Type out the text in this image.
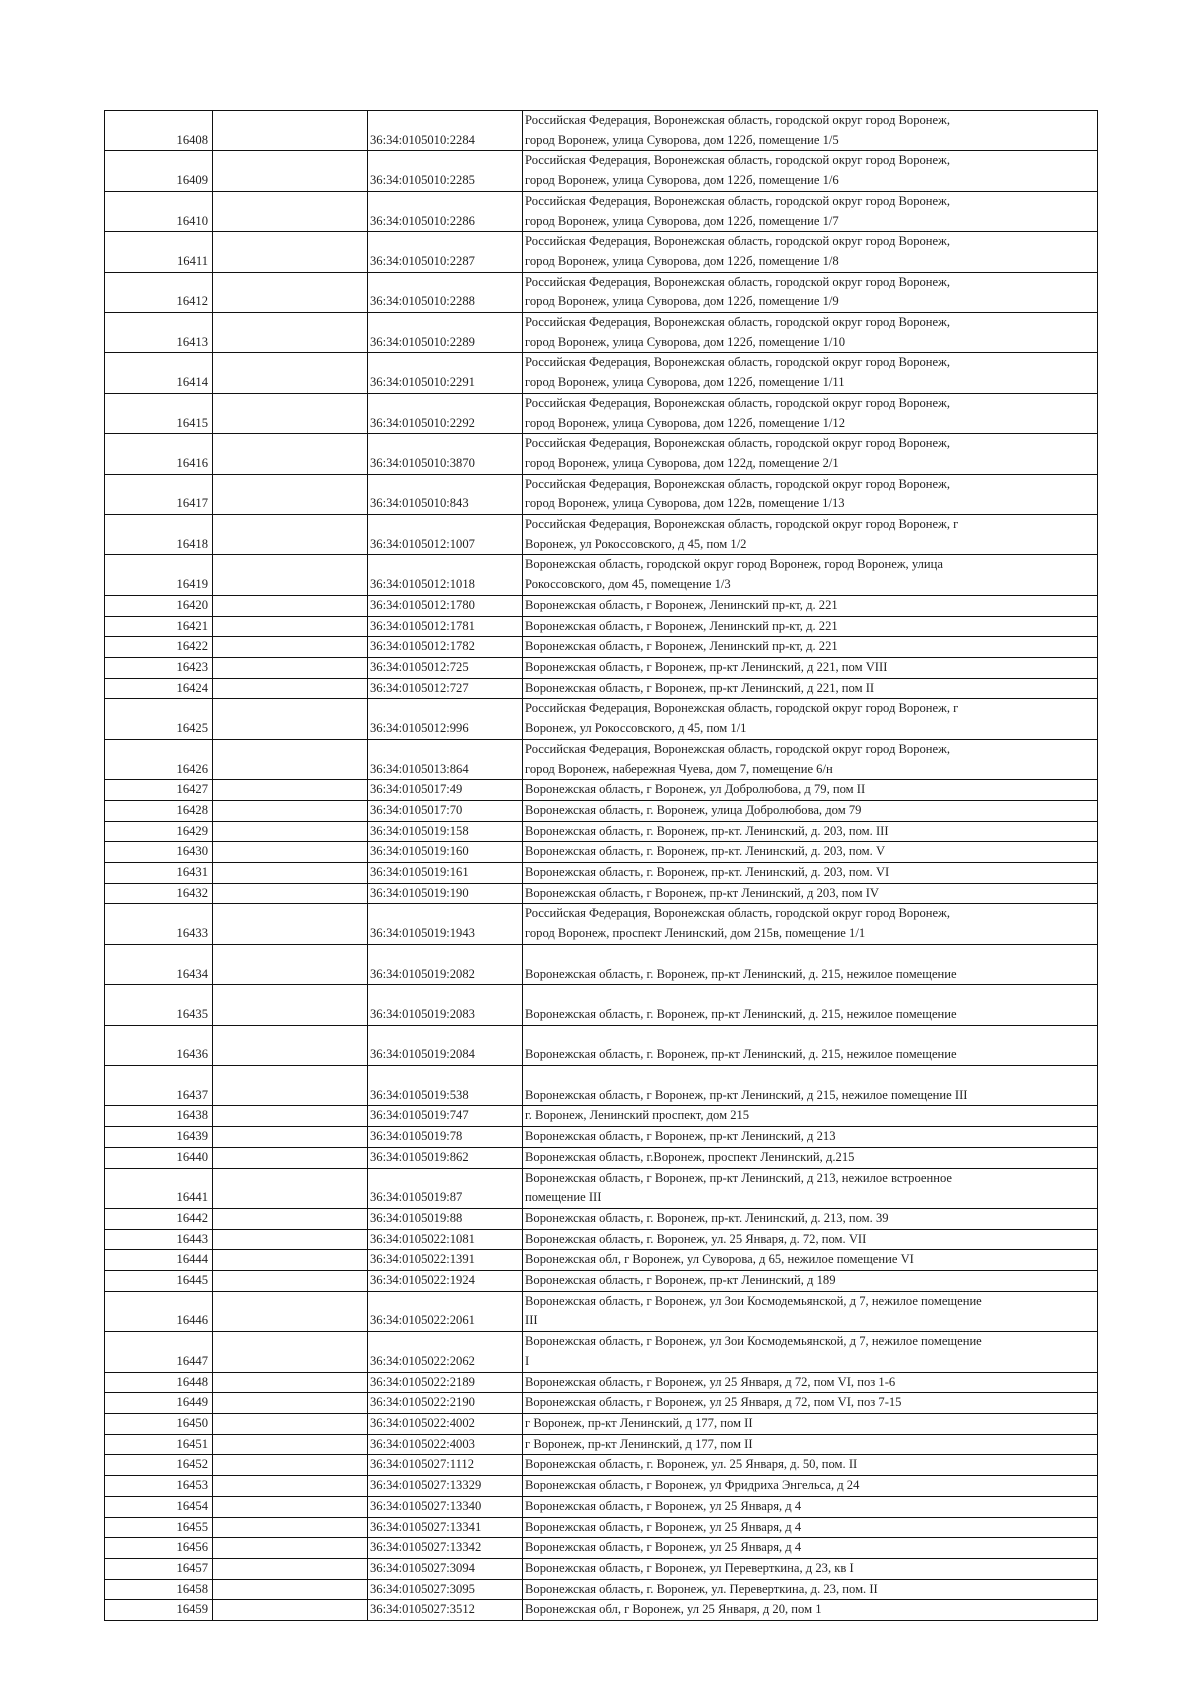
16408		36:34:0105010:2284	Российская Федерация, Воронежская область, городской округ город Воронеж,
город Воронеж, улица Суворова, дом 122б, помещение 1/5

16409		36:34:0105010:2285	Российская Федерация, Воронежская область, городской округ город Воронеж,
город Воронеж, улица Суворова, дом 122б, помещение 1/6

16410		36:34:0105010:2286	Российская Федерация, Воронежская область, городской округ город Воронеж,
город Воронеж, улица Суворова, дом 122б, помещение 1/7

16411		36:34:0105010:2287	Российская Федерация, Воронежская область, городской округ город Воронеж,
город Воронеж, улица Суворова, дом 122б, помещение 1/8

16412		36:34:0105010:2288	Российская Федерация, Воронежская область, городской округ город Воронеж,
город Воронеж, улица Суворова, дом 122б, помещение 1/9

16413		36:34:0105010:2289	Российская Федерация, Воронежская область, городской округ город Воронеж,
город Воронеж, улица Суворова, дом 122б, помещение 1/10

16414		36:34:0105010:2291	Российская Федерация, Воронежская область, городской округ город Воронеж,
город Воронеж, улица Суворова, дом 122б, помещение 1/11

16415		36:34:0105010:2292	Российская Федерация, Воронежская область, городской округ город Воронеж,
город Воронеж, улица Суворова, дом 122б, помещение 1/12

16416		36:34:0105010:3870	Российская Федерация, Воронежская область, городской округ город Воронеж,
город Воронеж, улица Суворова, дом 122д, помещение 2/1

16417		36:34:0105010:843	Российская Федерация, Воронежская область, городской округ город Воронеж,
город Воронеж, улица Суворова, дом 122в, помещение 1/13

16418		36:34:0105012:1007	Российская Федерация, Воронежская область, городской округ город Воронеж, г
Воронеж, ул Рокоссовского, д 45, пом 1/2

16419		36:34:0105012:1018	Воронежская область, городской округ город Воронеж, город Воронеж, улица
Рокоссовского, дом 45, помещение 1/3

16420		36:34:0105012:1780	Воронежская область, г Воронеж, Ленинский пр-кт, д. 221

16421		36:34:0105012:1781	Воронежская область, г Воронеж, Ленинский пр-кт, д. 221

16422		36:34:0105012:1782	Воронежская область, г Воронеж, Ленинский пр-кт, д. 221

16423		36:34:0105012:725	Воронежская область, г Воронеж, пр-кт Ленинский, д 221, пом VIII

16424		36:34:0105012:727	Воронежская область, г Воронеж, пр-кт Ленинский, д 221, пом II

16425		36:34:0105012:996	Российская Федерация, Воронежская область, городской округ город Воронеж, г
Воронеж, ул Рокоссовского, д 45, пом 1/1

16426		36:34:0105013:864	Российская Федерация, Воронежская область, городской округ город Воронеж,
город Воронеж, набережная Чуева, дом 7, помещение 6/н

16427		36:34:0105017:49	Воронежская область, г Воронеж, ул Добролюбова, д 79, пом II

16428		36:34:0105017:70	Воронежская область, г. Воронеж, улица Добролюбова, дом 79

16429		36:34:0105019:158	Воронежская область, г. Воронеж, пр-кт. Ленинский, д. 203, пом. III

16430		36:34:0105019:160	Воронежская область, г. Воронеж, пр-кт. Ленинский, д. 203, пом. V

16431		36:34:0105019:161	Воронежская область, г. Воронеж, пр-кт. Ленинский, д. 203, пом. VI

16432		36:34:0105019:190	Воронежская область, г Воронеж, пр-кт Ленинский, д 203, пом IV

16433		36:34:0105019:1943	Российская Федерация, Воронежская область, городской округ город Воронеж,
город Воронеж, проспект Ленинский, дом 215в, помещение 1/1

16434		36:34:0105019:2082	Воронежская область, г. Воронеж, пр-кт Ленинский, д. 215, нежилое помещение

16435		36:34:0105019:2083	Воронежская область, г. Воронеж, пр-кт Ленинский, д. 215, нежилое помещение

16436		36:34:0105019:2084	Воронежская область, г. Воронеж, пр-кт Ленинский, д. 215, нежилое помещение

16437		36:34:0105019:538	Воронежская область, г Воронеж, пр-кт Ленинский, д 215, нежилое помещение III

16438		36:34:0105019:747	г. Воронеж, Ленинский проспект, дом 215

16439		36:34:0105019:78	Воронежская область, г Воронеж, пр-кт Ленинский, д 213

16440		36:34:0105019:862	Воронежская область, г.Воронеж, проспект Ленинский, д.215

16441		36:34:0105019:87	Воронежская область, г Воронеж, пр-кт Ленинский, д 213, нежилое встроенное
помещение III

16442		36:34:0105019:88	Воронежская область, г. Воронеж, пр-кт. Ленинский, д. 213, пом. 39

16443		36:34:0105022:1081	Воронежская область, г. Воронеж, ул. 25 Января, д. 72, пом. VII

16444		36:34:0105022:1391	Воронежская обл, г Воронеж, ул Суворова, д 65, нежилое помещение VI

16445		36:34:0105022:1924	Воронежская область, г Воронеж, пр-кт Ленинский, д 189

16446		36:34:0105022:2061	Воронежская область, г Воронеж, ул Зои Космодемьянской, д 7, нежилое помещение
III

16447		36:34:0105022:2062	Воронежская область, г Воронеж, ул Зои Космодемьянской, д 7, нежилое помещение
I

16448		36:34:0105022:2189	Воронежская область, г Воронеж, ул 25 Января, д 72, пом VI, поз 1-6

16449		36:34:0105022:2190	Воронежская область, г Воронеж, ул 25 Января, д 72, пом VI, поз 7-15

16450		36:34:0105022:4002	г Воронеж, пр-кт Ленинский, д 177, пом II

16451		36:34:0105022:4003	г Воронеж, пр-кт Ленинский, д 177, пом II

16452		36:34:0105027:1112	Воронежская область, г. Воронеж, ул. 25 Января, д. 50, пом. II

16453		36:34:0105027:13329	Воронежская область, г Воронеж, ул Фридриха Энгельса, д 24

16454		36:34:0105027:13340	Воронежская область, г Воронеж, ул 25 Января, д 4

16455		36:34:0105027:13341	Воронежская область, г Воронеж, ул 25 Января, д 4

16456		36:34:0105027:13342	Воронежская область, г Воронеж, ул 25 Января, д 4

16457		36:34:0105027:3094	Воронежская область, г Воронеж, ул Переверткина, д 23, кв I

16458		36:34:0105027:3095	Воронежская область, г. Воронеж, ул. Переверткина, д. 23, пом. II

16459		36:34:0105027:3512	Воронежская обл, г Воронеж, ул 25 Января, д 20, пом 1
